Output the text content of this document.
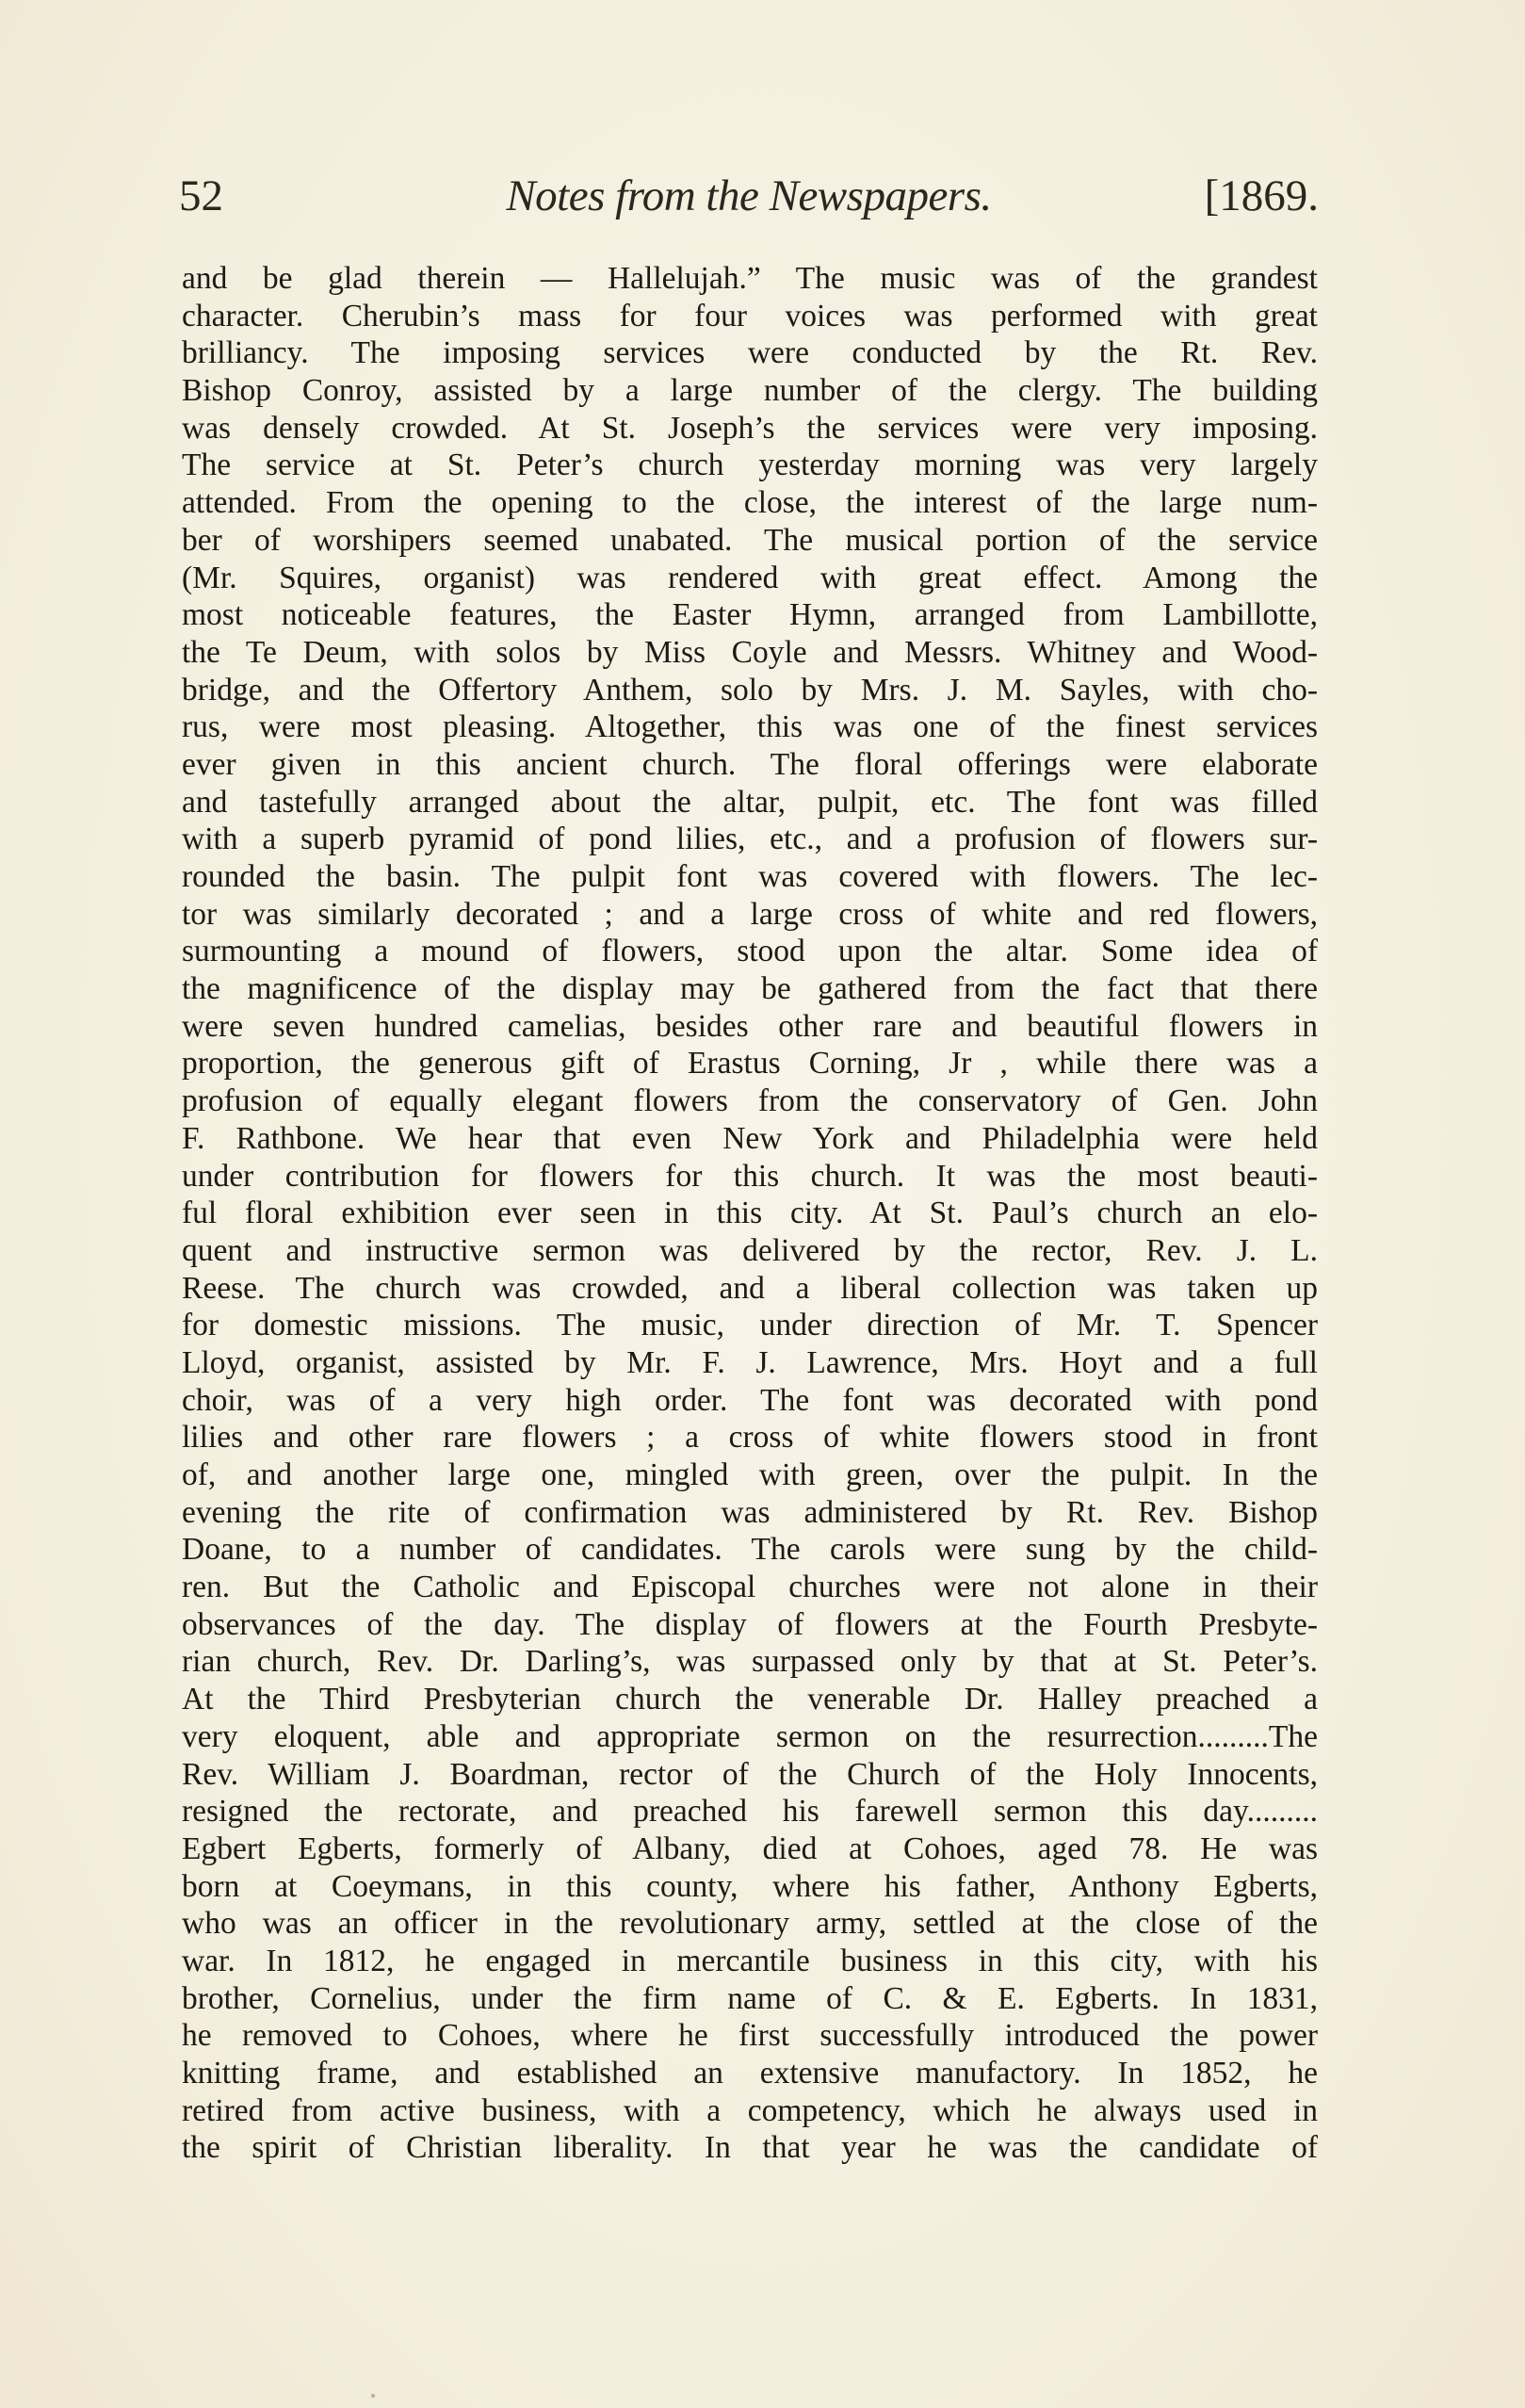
52	Notes from the Newspapers.	[1869.
and be glad therein — Hallelujah.” The music was of the grandest
character. Cherubin’s mass for four voices was performed with great
brilliancy. The imposing services were conducted by the Rt. Rev.
Bishop Conroy, assisted by a large number of the clergy. The building
was densely crowded. At St. Joseph’s the services were very imposing.
The service at St. Peter’s church yesterday morning was very largely
attended. From the opening to the close, the interest of the large num-
ber of worshipers seemed unabated. The musical portion of the service
(Mr. Squires, organist) was rendered with great effect. Among the
most noticeable features, the Easter Hymn, arranged from Lambillotte,
the Te Deum, with solos by Miss Coyle and Messrs. Whitney and Wood-
bridge, and the Offertory Anthem, solo by Mrs. J. M. Sayles, with cho-
rus, were most pleasing. Altogether, this was one of the finest services
ever given in this ancient church. The floral offerings were elaborate
and tastefully arranged about the altar, pulpit, etc. The font was filled
with a superb pyramid of pond lilies, etc., and a profusion of flowers sur-
rounded the basin. The pulpit font was covered with flowers. The lec-
tor was similarly decorated ; and a large cross of white and red flowers,
surmounting a mound of flowers, stood upon the altar. Some idea of
the magnificence of the display may be gathered from the fact that there
were seven hundred camelias, besides other rare and beautiful flowers in
proportion, the generous gift of Erastus Corning, Jr , while there was a
profusion of equally elegant flowers from the conservatory of Gen. John
F. Rathbone. We hear that even New York and Philadelphia were held
under contribution for flowers for this church. It was the most beauti-
ful floral exhibition ever seen in this city. At St. Paul’s church an elo-
quent and instructive sermon was delivered by the rector, Rev. J. L.
Reese. The church was crowded, and a liberal collection was taken up
for domestic missions. The music, under direction of Mr. T. Spencer
Lloyd, organist, assisted by Mr. F. J. Lawrence, Mrs. Hoyt and a full
choir, was of a very high order. The font was decorated with pond
lilies and other rare flowers ; a cross of white flowers stood in front
of, and another large one, mingled with green, over the pulpit. In the
evening the rite of confirmation was administered by Rt. Rev. Bishop
Doane, to a number of candidates. The carols were sung by the child-
ren. But the Catholic and Episcopal churches were not alone in their
observances of the day. The display of flowers at the Fourth Presbyte-
rian church, Rev. Dr. Darling’s, was surpassed only by that at St. Peter’s.
At the Third Presbyterian church the venerable Dr. Halley preached a
very eloquent, able and appropriate sermon on the resurrection.........The
Rev. William J. Boardman, rector of the Church of the Holy Innocents,
resigned the rectorate, and preached his farewell sermon this day.........
Egbert Egberts, formerly of Albany, died at Cohoes, aged 78. He was
born at Coeymans, in this county, where his father, Anthony Egberts,
who was an officer in the revolutionary army, settled at the close of the
war. In 1812, he engaged in mercantile business in this city, with his
brother, Cornelius, under the firm name of C. & E. Egberts. In 1831,
he removed to Cohoes, where he first successfully introduced the power
knitting frame, and established an extensive manufactory. In 1852, he
retired from active business, with a competency, which he always used in
the spirit of Christian liberality. In that year he was the candidate of
